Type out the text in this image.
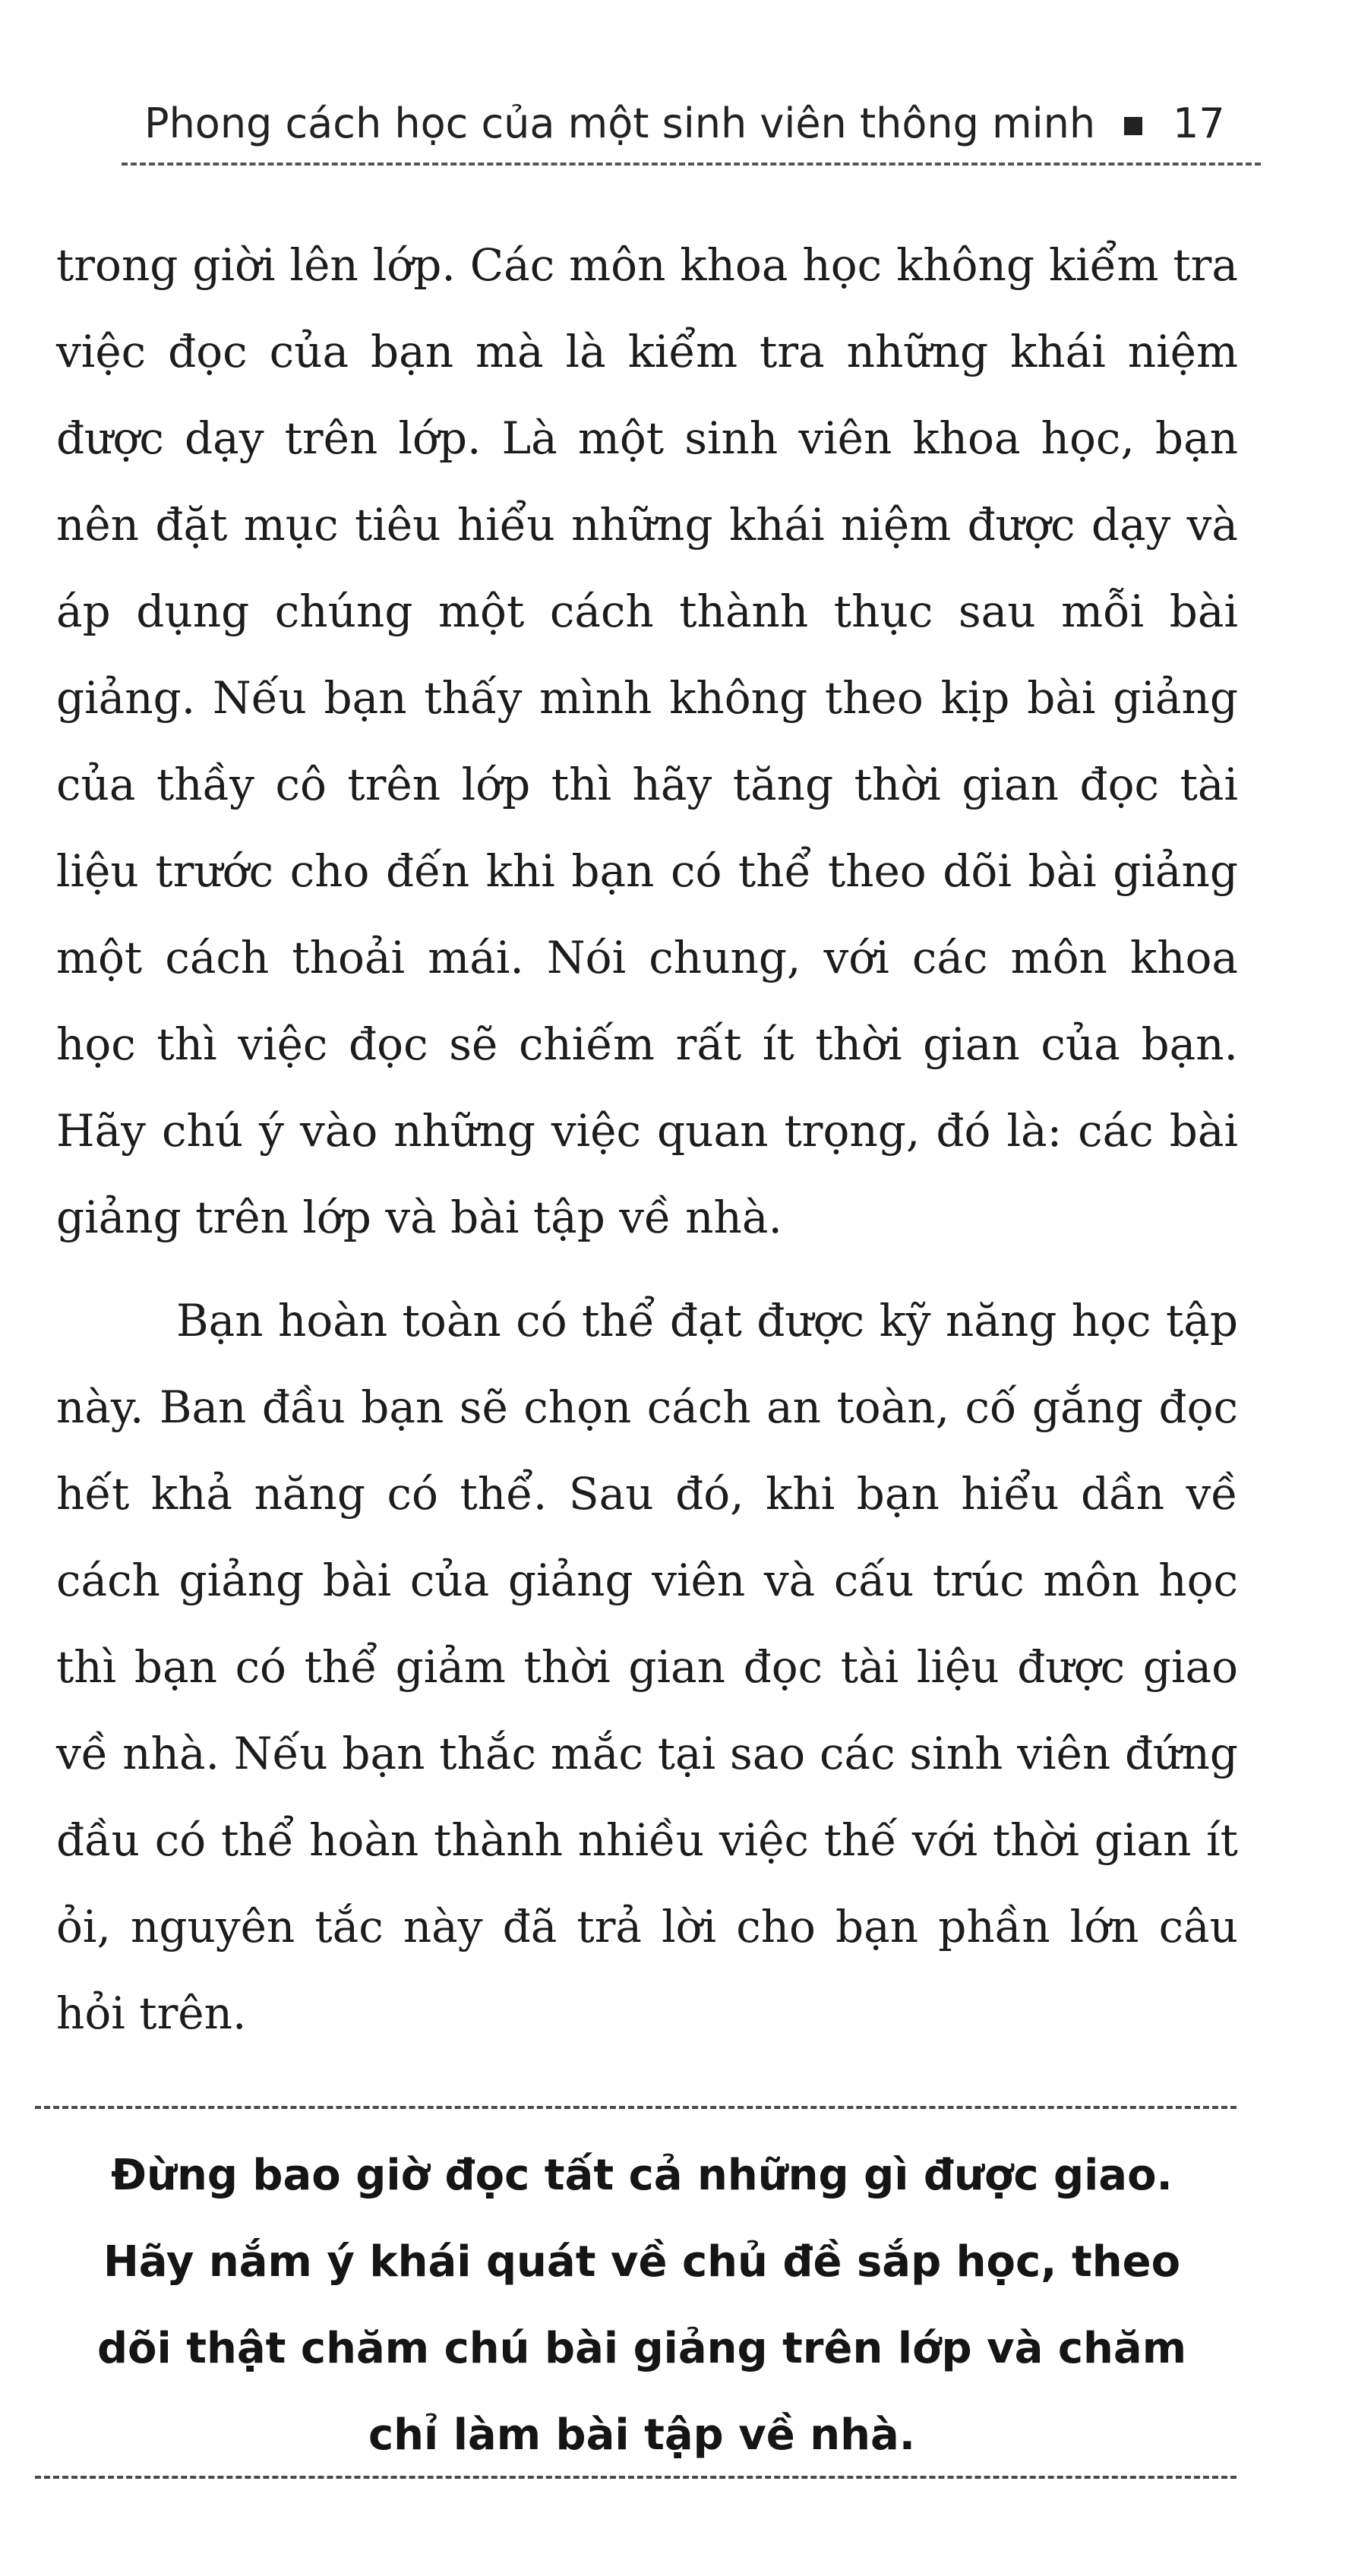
Phong cách học của một sinh viên thông minh 17

trong giời lên lớp. Các môn khoa học không kiểm tra việc đọc của bạn mà là kiểm tra những khái niệm được dạy trên lớp. Là một sinh viên khoa học, bạn nên đặt mục tiêu hiểu những khái niệm được dạy và áp dụng chúng một cách thành thục sau mỗi bài giảng. Nếu bạn thấy mình không theo kịp bài giảng của thầy cô trên lớp thì hãy tăng thời gian đọc tài liệu trước cho đến khi bạn có thể theo dõi bài giảng một cách thoải mái. Nói chung, với các môn khoa học thì việc đọc sẽ chiếm rất ít thời gian của bạn. Hãy chú ý vào những việc quan trọng, đó là: các bài giảng trên lớp và bài tập về nhà.

Bạn hoàn toàn có thể đạt được kỹ năng học tập này. Ban đầu bạn sẽ chọn cách an toàn, cố gắng đọc hết khả năng có thể. Sau đó, khi bạn hiểu dần về cách giảng bài của giảng viên và cấu trúc môn học thì bạn có thể giảm thời gian đọc tài liệu được giao về nhà. Nếu bạn thắc mắc tại sao các sinh viên đứng đầu có thể hoàn thành nhiều việc thế với thời gian ít ỏi, nguyên tắc này đã trả lời cho bạn phần lớn câu hỏi trên.

Đừng bao giờ đọc tất cả những gì được giao. Hãy nắm ý khái quát về chủ đề sắp học, theo dõi thật chăm chú bài giảng trên lớp và chăm chỉ làm bài tập về nhà.
